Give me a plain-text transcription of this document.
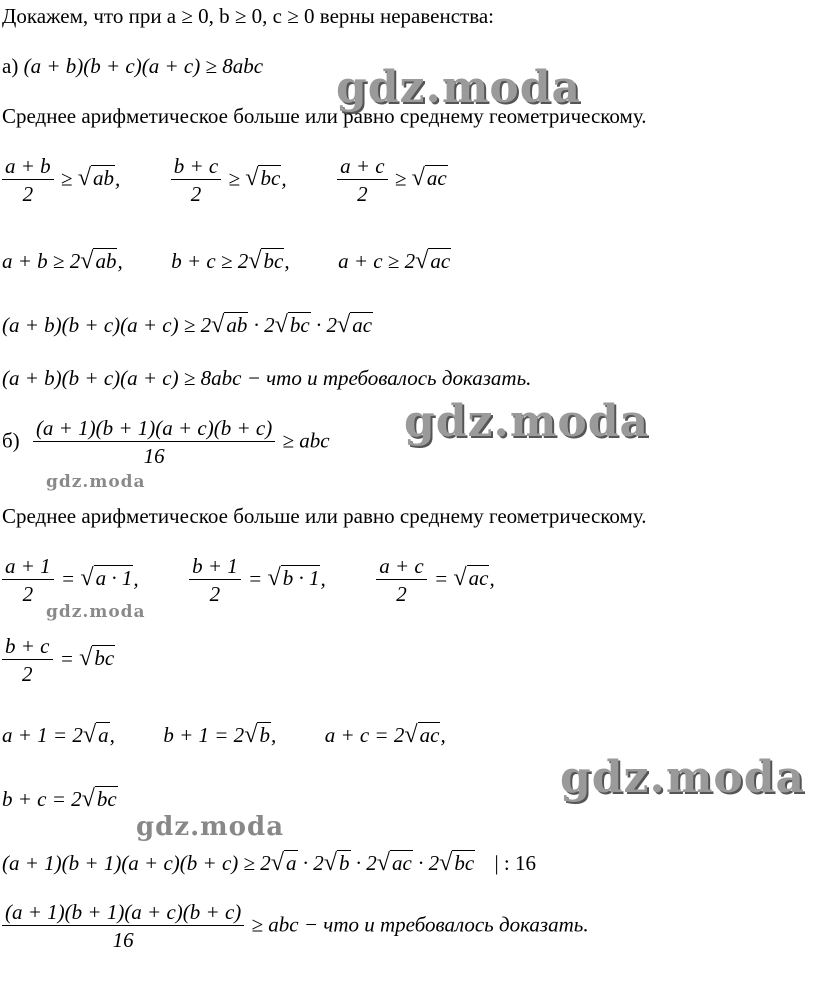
Докажем, что при a ≥ 0, b ≥ 0, c ≥ 0 верны неравенства:
а) (a + b)(b + c)(a + c) ≥ 8abc gdz.moda
Среднее арифметическое больше или равно среднему геометрическому.
$\frac{a + b}{2} \ge √ab$, $\frac{b + c}{2} \ge √bc$, $\frac{a + c}{2} \ge √ac$
a + b ≥ 2√ab,  b + c ≥ 2√bc,  a + c ≥ 2√ac
(a + b)(b + c)(a + c) ≥ 2√ab · 2√bc · 2√ac
(a + b)(b + c)(a + c) ≥ 8abc − что и требовалось доказать.
$б) \frac{(a + 1)(b + 1)(a + c)(b + c)}{16}$ ≥ abc gdz.moda
gdz.moda
Среднее арифметическое больше или равно среднему геометрическому.
$\frac{a + 1}{2} = √a \cdot 1$, $\frac{b + 1}{2} = √b \cdot 1$, $\frac{a + c}{2} = √ac$,
gdz.moda
$\frac{b + c}{2} = √bc$
a + 1 = 2√a,  b + 1 = 2√b,  a + c = 2√ac,
gdz.moda
b + c = 2√bc
gdz.moda
(a + 1)(b + 1)(a + c)(b + c) ≥ 2√a · 2√b · 2√ac · 2√bc | : 16
$\frac{(a + 1)(b + 1)(a + c)(b + c)}{16}$ ≥ abc − что и требовалось доказать.
